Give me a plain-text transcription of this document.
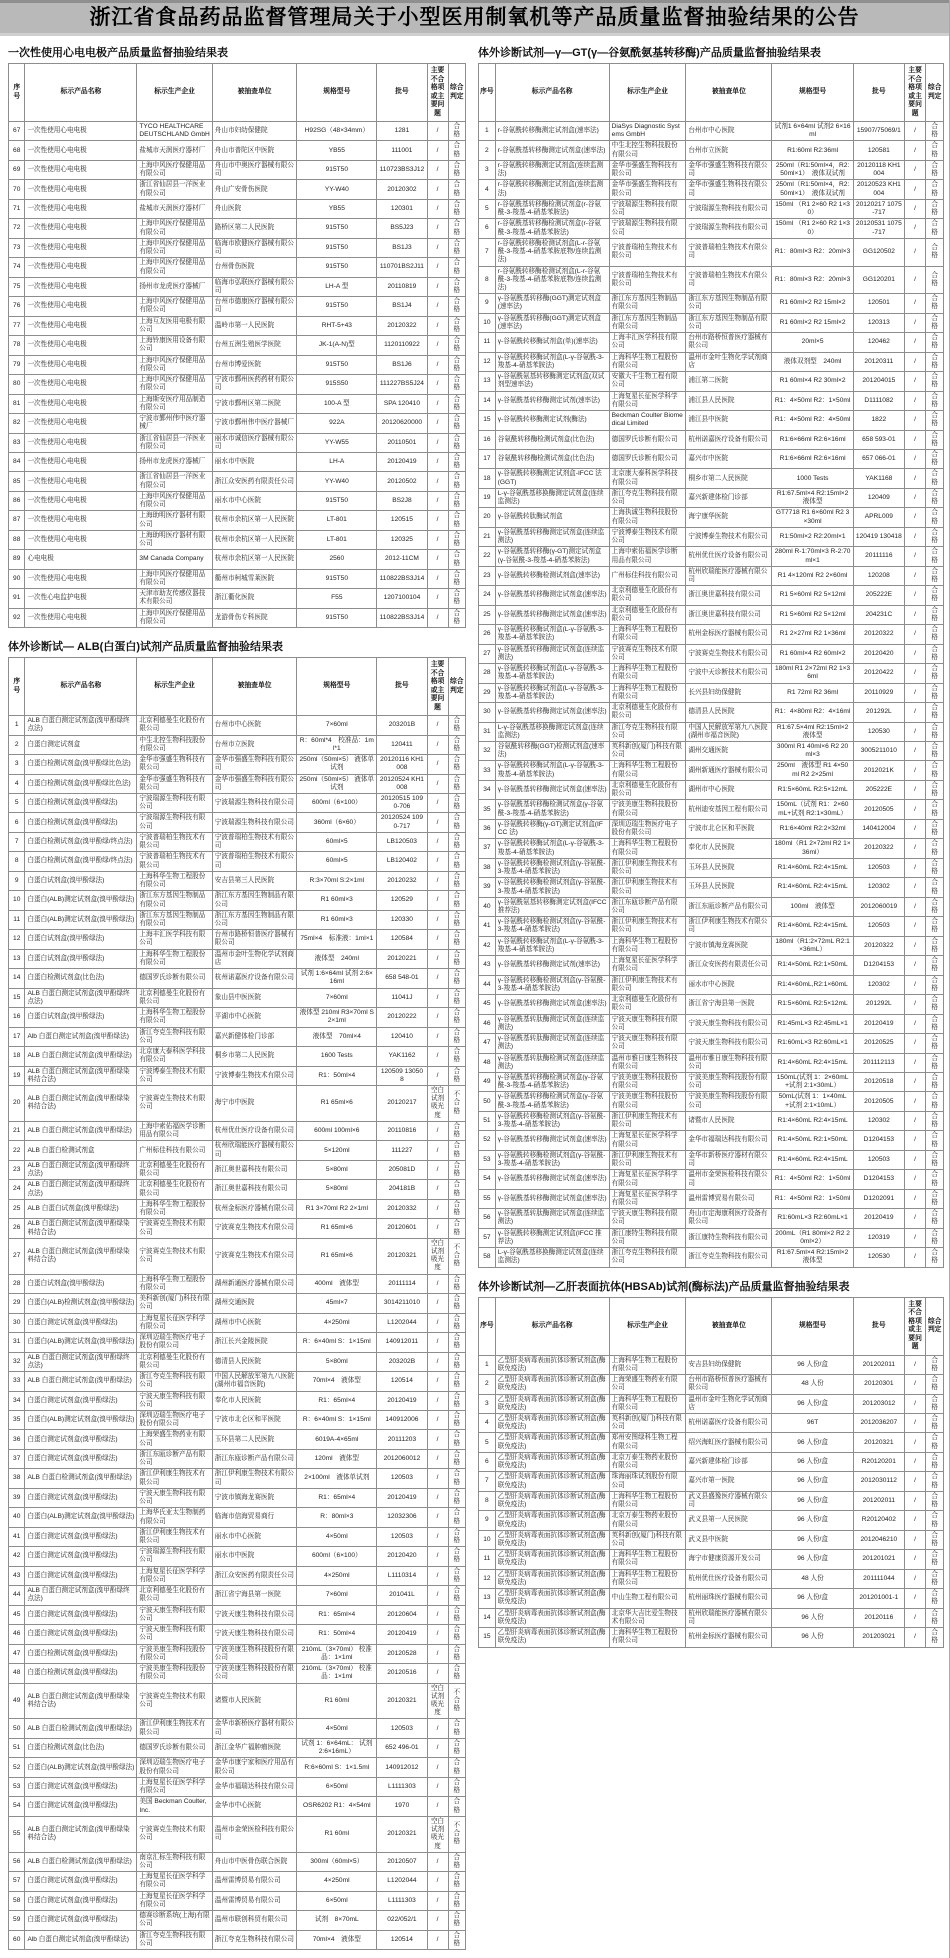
浙江省食品药品监督管理局关于小型医用制氧机等产品质量监督抽验结果的公告
一次性使用心电电极产品质量监督抽验结果表
序号	标示产品名称	标示生产企业	被抽查单位	规格型号	批号	主要不合格项或主要问题	综合判定
67	一次性使用心电电极	TYCO HEALTHCARE DEUTSCHLAND GmbH	舟山市妇幼保健院	H92SG（48×34mm）	1281	/	合格
68	一次性使用心电电极	盐城市天润医疗器材厂	舟山市普陀区中医院	YB55	111001	/	合格
69	一次性使用心电电极	上海申风医疗保健用品有限公司	舟山市中奥医疗器械有限公司	915T50	110723BS3J12	/	合格
70	一次性使用心电电极	浙江省仙居县一洋医业有限公司	舟山广安骨伤医院	YY-W40	20120302	/	合格
71	一次性使用心电电极	盐城市天润医疗器材厂	舟山医院	YB55	120301	/	合格
72	一次性使用心电电极	上海申风医疗保健用品有限公司	路桥区第二人民医院	915T50	BS5J23	/	合格
73	一次性使用心电电极	上海申风医疗保健用品有限公司	临海市欧健医疗器械有限公司	915T50	BS1J3	/	合格
74	一次性使用心电电极	上海申风医疗保健用品有限公司	台州骨伤医院	915T50	110701BS2J11	/	合格
75	一次性使用心电电极	扬州市龙虎医疗器械厂	临海市弘联医疗器械有限公司	LH-A 型	20110819	/	合格
76	一次性使用心电电极	上海申风医疗保健用品有限公司	台州市德康医疗器械有限公司	915T50	BS1J4	/	合格
77	一次性使用心电电极	上海互友医用电极有限公司	温岭市第一人民医院	RHT-5+43	20120322	/	合格
78	一次性使用心电电极	上海铃康医用设备有限公司	台州五洲生殖医学医院	JK-1(A-N)型	1120110922	/	合格
79	一次性使用心电电极	上海申风医疗保健用品有限公司	台州市博爱医院	915T50	BS1J6	/	合格
80	一次性使用心电电极	上海申风医疗保健用品有限公司	宁波市鄞州医药药材有限公司	915S50	111227BS5J24	/	合格
81	一次性使用心电电极	上海斯安医疗用品制造有限公司	宁波市鄞州区第二医院	100-A 型	SPA 120410	/	合格
82	一次性使用心电电极	宁波市鄞州伟中医疗器械厂	宁波市鄞州伟中医疗器械厂	922A	20120620000	/	合格
83	一次性使用心电电极	浙江省仙居县一洋医业有限公司	丽水市诚信医疗器械有限公司	YY-W55	20110501	/	合格
84	一次性使用心电电极	扬州市龙虎医疗器械厂	丽水市中医院	LH-A	20120419	/	合格
85	一次性使用心电电极	浙江省仙居县一洋医业有限公司	浙江众安医药有限责任公司	YY-W40	20120502	/	合格
86	一次性使用心电电极	上海申风医疗保健用品有限公司	丽水市中心医院	915T50	BS2J8	/	合格
87	一次性使用心电电极	上海助明医疗器材有限公司	杭州市余杭区第一人民医院	LT-801	120515	/	合格
88	一次性使用心电电极	上海助明医疗器材有限公司	杭州市余杭区第一人民医院	LT-801	120325	/	合格
89	心电电极	3M Canada Company	杭州市余杭区第一人民医院	2560	2012-11CM	/	合格
90	一次性使用心电电极	上海申风医疗保健用品有限公司	衢州市柯城雪莱医院	915T50	110822BS3J14	/	合格
91	一次性心电监护电极	天津市助友传感仪器技术有限公司	浙江衢化医院	F55	1207100104	/	合格
92	一次性使用心电电极	上海申风医疗保健用品有限公司	龙游骨伤专科医院	915T50	110822BS3J14	/	合格
体外诊断试— ALB(白蛋白)试剂产品质量监督抽验结果表
序号	标示产品名称	标示生产企业	被抽查单位	规格型号	批号	主要不合格项或主要问题	综合判定
1	ALB 白蛋白测定试剂盒(溴甲酚绿终点法)	北京利德曼生化股份有限公司	台州市中心医院	7×60ml	203201B	/	合格
2	白蛋白测定试剂盒	中生北控生物科技股份有限公司	台州市立医院	R：60ml*4　校准品：1ml*1	120411	/	合格
3	白蛋白检测试剂盒(溴甲酚绿比色法)	金华市强盛生物科技有限公司	金华市强盛生物科技有限公司	250ml（50ml×5） 液体单试剂	20120116 KH1008	/	合格
4	白蛋白检测试剂盒(溴甲酚绿比色法)	金华市强盛生物科技有限公司	金华市强盛生物科技有限公司	250ml（50ml×5） 液体单试剂	20120524 KH1008	/	合格
5	白蛋白检测试剂盒(溴甲酚绿法)	宁波瑞源生物科技有限公司	宁波瑞源生物科技有限公司	600ml（6×100）	20120515 1090-706	/	合格
6	白蛋白检测试剂盒(溴甲酚绿法)	宁波瑞源生物科技有限公司	宁波瑞源生物科技有限公司	360ml（6×60）	20120524 1090-717	/	合格
7	白蛋白检测试剂盒(溴甲酚绿/终点法)	宁波普瑞柏生物技术有限公司	宁波普瑞柏生物技术有限公司	60ml×5	LB120503	/	合格
8	白蛋白检测试剂盒(溴甲酚绿/终点法)	宁波普瑞柏生物技术有限公司	宁波普瑞柏生物技术有限公司	60ml×5	LB120402	/	合格
9	白蛋白试剂盒(溴甲酚绿法)	上海科华生物工程股份有限公司	安吉县第三人民医院	R:3×70ml S:2×1ml	20120232	/	合格
10	白蛋白(ALB)测定试剂盒(溴甲酚绿法)	浙江东方基因生物制品有限公司	浙江东方基因生物制品有限公司	R1 60ml×3	120529	/	合格
11	白蛋白(ALB)测定试剂盒(溴甲酚绿法)	浙江东方基因生物制品有限公司	浙江东方基因生物制品有限公司	R1 60ml×3	120330	/	合格
12	白蛋白试剂盒(溴甲酚绿法)	上海丰汇医学科技有限公司	台州市路桥恒普医疗器械有限公司	75ml×4　标准液：1ml×1	120584	/	合格
13	白蛋白试剂盒(溴甲酚绿法)	上海科华生物工程股份有限公司	温州市金叶生物化学试剂商店	液体型　240ml	20120221	/	合格
14	白蛋白检测试剂盒(比色法)	德国罗氏诊断有限公司	杭州诺嘉医疗设备有限公司	试剂 1:6×64ml 试剂 2:6×16ml	658 548-01	/	合格
15	ALB 白蛋白测定试剂盒(溴甲酚绿终点法)	北京利德曼生化股份有限公司	象山县中医医院	7×60ml	11041J	/	合格
16	白蛋白试剂盒(溴甲酚绿法)	上海科华生物工程股份有限公司	平湖市中心医院	液体型 210ml R3×70ml S2×1ml	20120222	/	合格
17	Alb 白蛋白测定试剂盒(溴甲酚绿法)	浙江夸克生物科技有限公司	嘉兴新健体检门诊部	液体型　70ml×4	120410	/	合格
18	ALB 白蛋白测定试剂盒(溴甲酚绿法)	北京康大泰科医学科技有限公司	桐乡市第二人民医院	1600 Tests	YAK1162	/	合格
19	ALB 白蛋白测定试剂盒(溴甲酚绿染料结合法)	宁波博泰生物技术有限公司	宁波博泰生物技术有限公司	R1：50ml×4	120509 130508	/	合格
20	ALB 白蛋白测定试剂盒(溴甲酚绿染料结合法)	宁波赛克生物技术有限公司	海宁市中医院	R1 65ml×6	20120217	空白试剂吸光度	不合格
21	ALB 白蛋白测定试剂盒(溴甲酚绿法)	上海申索佑福医学诊断用品有限公司	杭州优仕医疗设备有限公司	600ml 100ml×6	20110816	/	合格
22	ALB 白蛋白检测试剂盒	广州标佳科技有限公司	杭州欣瑞能医疗器械有限公司	5×120ml	111227	/	合格
23	ALB 白蛋白测定试剂盒(溴甲酚绿终点法)	北京利德曼生化股份有限公司	浙江奥世嘉科技有限公司	5×80ml	205081D	/	合格
24	ALB 白蛋白测定试剂盒(溴甲酚绿终点法)	北京利德曼生化股份有限公司	浙江奥世嘉科技有限公司	5×80ml	204181B	/	合格
25	ALB 白蛋白试剂盒(溴甲酚绿法)	上海科华生物工程股份有限公司	杭州金标医疗器械有限公司	R1 3×70ml R2 2×1ml	20120332	/	合格
26	ALB 白蛋白测定试剂盒(溴甲酚绿染料结合法)	宁波赛克生物技术有限公司	宁波赛克生物技术有限公司	R1 65ml×6	20120601	/	合格
27	ALB 白蛋白测定试剂盒(溴甲酚绿染料结合法)	宁波赛克生物技术有限公司	宁波赛克生物技术有限公司	R1 65ml×6	20120321	空白试剂吸光度	不合格
28	白蛋白试剂盒(溴甲酚绿法)	上海科华生物工程股份有限公司	湖州新通医疗器械有限公司	400ml　液体型	20111114	/	合格
29	白蛋白(ALB)检测试剂盒(溴甲酚绿法)	美科新创(厦门)科技有限公司	湖州交通医院	45ml×7	3014211010	/	合格
30	白蛋白测定试剂盒(溴甲酚绿法)	上海复星长征医学科学有限公司	湖州市中心医院	4×250ml	L1202044	/	合格
31	白蛋白(ALB)测定试剂盒(溴甲酚绿法)	深圳迈瑞生物医疗电子股份有限公司	浙江长兴金陵医院	R：6×40ml S：1×15ml	140912011	/	合格
32	ALB 白蛋白测定试剂盒(溴甲酚绿终点法)	北京利德曼生化股份有限公司	德清县人民医院	5×80ml	203202B	/	合格
33	ALB 白蛋白测定试剂盒(溴甲酚绿法)	浙江夸克生物科技有限公司	中国人民解放军第九八医院(湖州市福音医院)	70ml×4　液体型	120514	/	合格
34	白蛋白测定试剂盒(溴甲酚绿法)	宁波天康生物科技有限公司	奉化市人民医院	R1：65ml×4	20120419	/	合格
35	白蛋白(ALB)测定试剂盒(溴甲酚绿法)	深圳迈瑞生物医疗电子股份有限公司	宁波市北仑区和平医院	R：6×40ml S：1×15ml	140912006	/	合格
36	白蛋白测定试剂盒(溴甲酚绿法)	上海荣盛生物药业有限公司	玉环县第二人民医院	6019A-4×65ml	20111203	/	合格
37	白蛋白测定试剂盒(溴甲酚绿法)	浙江东瓯诊断产品有限公司	浙江东瓯诊断产品有限公司	120ml　液体型	2012060012	/	合格
38	ALB 白蛋白检测试剂盒(溴甲酚绿法)	浙江伊利康生物技术有限公司	浙江伊利康生物技术有限公司	2×100ml　液体单试剂	120503	/	合格
39	白蛋白测定试剂盒(溴甲酚绿法)	宁波天康生物科技有限公司	宁波市镇海龙赛医院	R1：65ml×4	20120419	/	合格
40	白蛋白(ALB)测定试剂盒(溴甲酚绿法)	上海华氏亚太生物制药有限公司	临海市信海贸易商行	R：80ml×3	12032306	/	合格
41	白蛋白测定试剂盒(溴甲酚绿法)	浙江伊利康生物技术有限公司	丽水市中心医院	4×50ml	120503	/	合格
42	白蛋白测定试剂盒(溴甲酚绿法)	宁波瑞源生物科技有限公司	丽水市中医院	600ml（6×100）	20120420	/	合格
43	白蛋白测定试剂盒(溴甲酚绿法)	上海复星长征医学科学有限公司	浙江众安医药有限责任公司	4×250ml	L1110314	/	合格
44	ALB 白蛋白测定试剂盒(溴甲酚绿终点法)	北京利德曼生化股份有限公司	浙江省宁海县第一医院	7×60ml	201041L	/	合格
45	白蛋白测定试剂盒(溴甲酚绿法)	宁波天康生物科技有限公司	宁波天康生物科技有限公司	R1：65ml×4	20120604	/	合格
46	白蛋白测定试剂盒(溴甲酚绿法)	宁波天康生物科技有限公司	宁波天康生物科技有限公司	R1：50ml×4	20120419	/	合格
47	白蛋白检测试剂盒(溴甲酚绿法)	宁波美康生物科技股份有限公司	宁波美康生物科技股份有限公司	210mL（3×70ml） 校准品：1×1ml	20120528	/	合格
48	白蛋白检测试剂盒(溴甲酚绿法)	宁波美康生物科技股份有限公司	宁波美康生物科技股份有限公司	210mL（3×70ml） 校准品：1×1ml	20120516	/	合格
49	ALB 白蛋白测定试剂盒(溴甲酚绿染料结合法)	宁波赛克生物技术有限公司	诸暨市人民医院	R1 60ml	20120321	空白试剂吸光度	不合格
50	ALB 白蛋白检测试剂盒(溴甲酚绿法)	浙江伊利康生物技术有限公司	金华市新桥医疗器材有限公司	4×50ml	120503	/	合格
51	白蛋白检测试剂盒(比色法)	德国罗氏诊断有限公司	浙江金华广福肿瘤医院	试剂 1：6×64mL： 试剂 2:6×16mL）	652 496-01	/	合格
52	白蛋白(ALB)测定试剂盒(溴甲酚绿法)	深圳迈瑞生物医疗电子股份有限公司	金华市康宁家和医疗用品有限公司	R:6×60ml S：1×1.5ml	140912012	/	合格
53	白蛋白测定试剂盒(溴甲酚绿法)	上海复星长征医学科学有限公司	金华市福瑞达科技有限公司	6×50ml	L1111303	/	合格
54	白蛋白测定试剂盒(溴甲酚绿法)	美国 Beckman Coulter, Inc.	金华市中心医院	OSR6202 R1：4×54ml	1970	/	合格
55	ALB 白蛋白测定试剂盒(溴甲酚绿染料结合法)	宁波赛克生物技术有限公司	温州市金荣医检科技有限公司	R1 60ml	20120321	空白试剂吸光度	不合格
56	ALB 白蛋白检测试剂盒(溴甲酚绿法)	南京汇标生物科技有限公司	舟山市中医骨伤联合医院	300ml（60ml×5）	20120507	/	合格
57	白蛋白测定试剂盒(溴甲酚绿法)	上海复星长征医学科学有限公司	温州雷博贸易有限公司	4×250ml	L1202044	/	合格
58	白蛋白测定试剂盒(溴甲酚绿法)	上海复星长征医学科学有限公司	温州雷博贸易有限公司	6×50ml	L1111303	/	合格
59	白蛋白测定试剂盒(溴甲酚绿法)	德赛诊断系统(上海)有限公司	温州市联创科贸有限公司	试剂　8×70mL	022/052/1	/	合格
60	Alb 白蛋白测定试剂盒(溴甲酚绿法)	浙江夸克生物科技有限公司	浙江夸克生物科技有限公司	70ml×4　液体型	120514	/	合格
体外诊断试剂—γ—GT(γ—谷氨酰氨基转移酶)产品质量监督抽验结果表
序号	标示产品名称	标示生产企业	被抽查单位	规格型号	批号	主要不合格项或主要问题	综合判定
1	r-谷氨酰转移酶测定试剂盒(速率法)	DiaSys Diagnostic Systems GmbH	台州市中心医院	试剂1 6×64ml 试剂2 6×16ml	15907/75069/1	/	合格
2	r-谷氨酰基转移酶测定试剂盒(速率法)	中生北控生物科技股份有限公司	台州市立医院	R1:60ml R2:36ml	120581	/	合格
3	r-谷氨酰转移酶测定试剂盒(连续监测法)	金华市强盛生物科技有限公司	金华市强盛生物科技有限公司	250ml（R1:50ml×4，R2:50ml×1）　液体双试剂	20120118 KH1004	/	合格
4	r-谷氨酰转移酶测定试剂盒(连续监测法)	金华市强盛生物科技有限公司	金华市强盛生物科技有限公司	250ml（R1:50ml×4，R2:50ml×1）　液体双试剂	20120523 KH1004	/	合格
5	r-谷氨酰基转移酶检测试剂盒(r-谷氨酰-3-羧基-4-硝基苯胺法)	宁波瑞源生物科技有限公司	宁波瑞源生物科技有限公司	150ml （R1 2×60 R2 1×30）	20120217 1075-717	/	合格
6	r-谷氨酰基转移酶检测试剂盒(r-谷氨酰-3-羧基-4-硝基苯胺法)	宁波瑞源生物科技有限公司	宁波瑞源生物科技有限公司	150ml （R1 2×60 R2 1×30）	20120531 1075-717	/	合格
7	r-谷氨酰转移酶检测试剂盒(L-r-谷氨酰-3-羧基-4-硝基苯胺底物/连续监测法)	宁波普瑞柏生物技术有限公司	宁波普瑞柏生物技术有限公司	R1：80ml×3 R2：20ml×3	GG120502	/	合格
8	r-谷氨酰转移酶检测试剂盒(L-r-谷氨酰-3-羧基-4-硝基苯胺底物/连续监测法)	宁波普瑞柏生物技术有限公司	宁波普瑞柏生物技术有限公司	R1：80ml×3 R2：20ml×3	GG120201	/	合格
9	γ-谷氨酰基转移酶(GGT)测定试剂盒(速率法)	浙江东方基因生物制品有限公司	浙江东方基因生物制品有限公司	R1 60ml×2 R2 15ml×2	120501	/	合格
10	γ-谷氨酰基转移酶(GGT)测定试剂盒(速率法)	浙江东方基因生物制品有限公司	浙江东方基因生物制品有限公司	R1 60ml×2 R2 15ml×2	120313	/	合格
11	γ-谷氨酰转移酶试剂盒(单)(速率法)	上海丰汇医学科技有限公司	台州市路桥恒普医疗器械有限公司	20ml×5	120462	/	合格
12	γ-谷氨酰转移酶试剂盒(L-γ-谷氨酰-3-羧基-4-硝基苯胺法)	上海科华生物工程股份有限公司	温州市金叶生物化学试剂商店	液体双剂型　240ml	20120311	/	合格
13	γ-谷氨酰氨基转移酶测定试剂盒(双试剂型速率法)	安徽大千生物工程有限公司	浦江第二医院	R1 60ml×4 R2 30ml×2	201204015	/	合格
14	γ-谷氨酰基转移酶测定试剂(速率法)	上海复星长征医学科学有限公司	浦江县人民医院	R1：4×50ml R2：1×50ml	D1111082	/	合格
15	γ-谷氨酰转移酶测定试剂(酶法)	Beckman Coulter Biomedical Limited	浦江县中医院	R1：4×50ml R2：4×50ml	1822	/	合格
16	谷氨酰转移酶检测试剂盒(比色法)	德国罗氏诊断有限公司	杭州诺嘉医疗设备有限公司	R1:6×66ml R2:6×16ml	658 593-01	/	合格
17	谷氨酰转移酶检测试剂盒(比色法)	德国罗氏诊断有限公司	嘉兴市中医院	R1:6×66ml R2:6×16ml	657 066-01	/	合格
18	γ-谷氨酰转移酶测定试剂盒-IFCC 法(GGT)	北京康大泰科医学科技有限公司	桐乡市第二人民医院	1000 Tests	YAK1168	/	合格
19	L-γ-谷氨酰基移换酶测定试剂盒(连续监测法)	浙江夸克生物科技有限公司	嘉兴新建体检门诊部	R1:67.5ml×4 R2:15ml×2 液体型	120409	/	合格
20	γ-谷氨酰转肽酶试剂盒	上海执诚生物科技股份有限公司	海宁康华医院	GT7718 R1 6×60ml R2 3×30ml	APRL009	/	合格
21	γ-谷氨酰基转移酶测定试剂盒(连续监测法)	宁波博泰生物技术有限公司	宁波博泰生物技术有限公司	R1:50ml×2 R2:20ml×1	120419 130418	/	合格
22	γ-谷氨酰基转移酶(γ-GT)测定试剂盒(γ-谷氨酰-3-羧基-4-硝基苯胺法)	上海申索佑福医学诊断用品有限公司	杭州优仕医疗设备有限公司	280ml R-1:70ml×3 R-2:70ml×1	20111116	/	合格
23	γ-谷氨酰转移酶检测试剂盒(速率法)	广州标佳科技有限公司	杭州欣瑞能医疗器械有限公司	R1 4×120ml R2 2×60ml	120208	/	合格
24	γ-谷氨酰基转移酶测定试剂盒(速率法)	北京利德曼生化股份有限公司	浙江奥世嘉科技有限公司	R1 5×60ml R2 5×12ml	205222E	/	合格
25	γ-谷氨酰基转移酶测定试剂盒(速率法)	北京利德曼生化股份有限公司	浙江奥世嘉科技有限公司	R1 5×60ml R2 5×12ml	204231C	/	合格
26	γ-谷氨酰转移酶试剂盒(L-γ-谷氨酰-3-羧基-4-硝基苯胺法)	上海科华生物工程股份有限公司	杭州金标医疗器械有限公司	R1 2×27ml R2 1×36ml	20120322	/	合格
27	γ-谷氨酰基转移酶测定试剂盒(连续监测法)	宁波赛克生物技术有限公司	宁波赛克生物技术有限公司	R1 60ml×4 R2 60ml×2	20120420	/	合格
28	γ-谷氨酰转移酶试剂盒(L-γ-谷氨酰-3-羧基-4-硝基苯胺法)	上海科华生物工程股份有限公司	宁波中天诊断技术有限公司	180ml R1 2×72ml R2 1×36ml	20120422	/	合格
29	γ-谷氨酰转移酶试剂盒(L-γ-谷氨酰-3-羧基-4-硝基苯胺法)	上海科华生物工程股份有限公司	长兴县妇幼保健院	R1 72ml R2 36ml	20110929	/	合格
30	γ-谷氨酰基转移酶测定试剂盒(速率法)	北京利德曼生化股份有限公司	德清县人民医院	R1：4×80ml R2：4×16ml	201292L	/	合格
31	L-γ-谷氨酰基移换酶测定试剂盒(连续监测法)	浙江夸克生物科技有限公司	中国人民解放军第九八医院(湖州市福音医院)	R1:67.5×4ml R2:15ml×2 液体型	120530	/	合格
32	谷氨酰转移酶(GGT)检测试剂盒(速率法)	英科新创(厦门)科技有限公司	湖州交通医院	300ml R1 40ml×6 R2 20ml×3	3005211010	/	合格
33	γ-谷氨酰转移酶试剂盒(L-γ-谷氨酰-3-羧基-4-硝基苯胺法)	上海科华生物工程股份有限公司	湖州新通医疗器械有限公司	250ml　液体型 R1 4×50ml R2 2×25ml	2012021K	/	合格
34	γ-谷氨酰基转移酶测定试剂盒(速率法)	北京利德曼生化股份有限公司	湖州市中心医院	R1:5×60mL R2:5×12mL	205222E	/	合格
35	γ-谷氨酰基转移酶检测试剂盒(γ-谷氨酰-3-羧基-4-硝基苯胺法)	宁波美康生物科技股份有限公司	杭州迪安基因工程有限公司	150mL（试剂 R1：2×60mL+试剂 R2:1×30mL）	20120505	/	合格
36	γ-谷氨酰转移酶(γ-GT)测定试剂盒(IFCC 法)	深圳迈瑞生物医疗电子股份有限公司	宁波市北仑区和平医院	R1:6×40ml R2:2×32ml	140412004	/	合格
37	γ-谷氨酰转移酶试剂盒(L-γ-谷氨酰-3-羧基-4-硝基苯胺法)	上海科华生物工程股份有限公司	奉化市人民医院	180ml（R1 2×72ml R2 1×36ml）	20120322	/	合格
38	γ-谷氨酰转移酶检测试剂盒(γ-谷氨酰-3-羧基-4-硝基苯胺法)	浙江伊利康生物技术有限公司	玉环县人民医院	R1:4×60mL R2:4×15mL	120503	/	合格
39	γ-谷氨酰转移酶检测试剂盒(γ-谷氨酰-3-羧基-4-硝基苯胺法)	浙江伊利康生物技术有限公司	玉环县人民医院	R1:4×60mL R2:4×15mL	120302	/	合格
40	γ-谷氨酰氨基转移酶测定试剂盒(IFCC 推荐法)	浙江东瓯诊断产品有限公司	浙江东瓯诊断产品有限公司	100ml　液体型	2012060019	/	合格
41	γ-谷氨酰转移酶检测试剂盒(γ-谷氨酰-3-羧基-4-硝基苯胺法)	浙江伊利康生物技术有限公司	浙江伊利康生物技术有限公司	R1:4×60mL R2:4×15mL	120503	/	合格
42	γ-谷氨酰转移酶试剂盒(L-γ-谷氨酰-3-羧基-4-硝基苯胺法)	上海科华生物工程股份有限公司	宁波市镇海龙赛医院	180ml（R1:2×72mL R2:1×36mL）	20120322	/	合格
43	γ-谷氨酰基转移酶测定试剂(速率法)	上海复星长征医学科学有限公司	浙江众安医药有限责任公司	R1:4×50mL R2:1×50mL	D1204153	/	合格
44	γ-谷氨酰转移酶检测试剂盒(γ-谷氨酰-3-羧基-4-硝基苯胺法)	浙江伊利康生物技术有限公司	丽水市中心医院	R1:4×60mL,R2:1×60mL	120302	/	合格
45	γ-谷氨酰基转移酶测定试剂盒(速率法)	北京利德曼生化股份有限公司	浙江省宁海县第一医院	R1:5×60mL R2:5×12mL	201292L	/	合格
46	γ-谷氨酰基转肽酶测定试剂盒(连续监测法)	宁波天康生物科技有限公司	宁波天康生物科技有限公司	R1:45mL×3 R2:45mL×1	20120419	/	合格
47	γ-谷氨酰基转肽酶测定试剂盒(连续监测法)	宁波天康生物科技有限公司	宁波天康生物科技有限公司	R1:60mL×3 R2:60mL×1	20120525	/	合格
48	γ-谷氨酰基转肽酶检测试剂盒(连续监测法)	温州市雅日康生物科技有限公司	温州市雅日康生物科技有限公司	R1:4×60mL R2:4×15mL	201112113	/	合格
49	γ-谷氨酰基转移酶检测试剂盒(γ-谷氨酰-3-羧基-4-硝基苯胺法)	宁波美康生物科技股份有限公司	宁波美康生物科技股份有限公司	150mL(试剂 1：2×60mL+试剂 2:1×30mL）	20120518	/	合格
50	γ-谷氨酰基转移酶检测试剂盒(γ-谷氨酰-3-羧基-4-硝基苯胺法)	宁波美康生物科技股份有限公司	宁波美康生物科技股份有限公司	50mL(试剂 1：1×40mL+试剂 2:1×10mL）	20120505	/	合格
51	γ-谷氨酰转移酶检测试剂盒(γ-谷氨酰-3-羧基-4-硝基苯胺法)	浙江伊利康生物技术有限公司	诸暨市人民医院	R1:4×60mL R2:4×15mL	120302	/	合格
52	γ-谷氨酰基转移酶测定试剂盒(速率法)	上海复星长征医学科学有限公司	金华市福瑞达科技有限公司	R1:4×50mL R2:1×50mL	D1204153	/	合格
53	γ-谷氨酰转移酶检测试剂盒(γ-谷氨酰-3-羧基-4-硝基苯胺法)	浙江伊利康生物技术有限公司	金华市新桥医疗器材有限公司	R1:4×60mL R2:4×15mL	120503	/	合格
54	γ-谷氨酰基转移酶测定试剂盒(速率法)	上海复星长征医学科学有限公司	温州市金荣医检科技有限公司	R1：4×50ml R2：1×50ml	D1204153	/	合格
55	γ-谷氨酰基转移酶测定试剂盒(速率法)	上海复星长征医学科学有限公司	温州雷博贸易有限公司	R1：4×50ml R2：1×50ml	D1202091	/	合格
56	γ-谷氨酰基转肽酶测定试剂盒(连续监测法)	宁波天康生物科技有限公司	舟山市定海康利医疗设备有限公司	R1:60mL×3 R2:60mL×1	20120419	/	合格
57	γ-谷氨酰转移酶测定试剂盒(IFCC 推荐法)	浙江康特生物科技有限公司	浙江康特生物科技有限公司	200mL（R1 80ml×2 R2 20ml×2）	120319	/	合格
58	L-γ-谷氨酰基移换酶测定试剂盒(连续监测法)	浙江夸克生物科技有限公司	浙江夸克生物科技有限公司	R1:67.5ml×4 R2:15ml×2 液体型	120530	/	合格
体外诊断试剂—乙肝表面抗体(HBSAb)试剂(酶标法)产品质量监督抽验结果表
序号	标示产品名称	标示生产企业	被抽查单位	规格型号	批号	主要不合格项或主要问题	综合判定
1	乙型肝炎病毒表面抗体诊断试剂盒(酶联免疫法)	上海科华生物工程股份有限公司	安吉县妇幼保健院	96 人份/盒	201202011	/	合格
2	乙型肝炎病毒表面抗体诊断试剂盒(酶联免疫法)	上海荣盛生物药业有限公司	台州市路桥恒普医疗器械有限公司	48 人份	20120301	/	合格
3	乙型肝炎病毒表面抗体诊断试剂盒(酶联免疫法)	上海科华生物工程股份有限公司	温州市金叶生物化学试剂商店	96 人份/盒	201203012	/	合格
4	乙型肝炎病毒表面抗体诊断试剂盒(酶联免疫法)	英科新创(厦门)科技有限公司	杭州诺嘉医疗设备有限公司	96T	2012036207	/	合格
5	乙型肝炎病毒表面抗体诊断试剂盒(酶联免疫法)	郑州安图绿科生物工程有限公司	绍兴海虹医疗器械有限公司	96 人份/盒	20120321	/	合格
6	乙型肝炎病毒表面抗体诊断试剂盒(酶联免疫法)	北京万泰生物药业股份有限公司	嘉兴新建体检门诊部	96 人份/盒	R20120201	/	合格
7	乙型肝炎病毒表面抗体诊断试剂盒(酶联免疫法)	珠海丽珠试剂股份有限公司	嘉兴市第一医院	96 人份/盒	2012030112	/	合格
8	乙型肝炎病毒表面抗体诊断试剂盒(酶联免疫法)	上海科华生物工程股份有限公司	武义县盛豫医疗器械有限公司	96 人份/盒	201202011	/	合格
9	乙型肝炎病毒表面抗体诊断试剂盒(酶联免疫法)	北京万泰生物药业股份有限公司	武义县第一人民医院	96 人份/盒	R20120402	/	合格
10	乙型肝炎病毒表面抗体诊断试剂盒(酶联免疫法)	英科新创(厦门)科技有限公司	武义县中医院	96 人份/盒	2012046210	/	合格
11	乙型肝炎病毒表面抗体诊断试剂盒(酶联免疫法)	上海科华生物工程股份有限公司	海宁市健康资源开发公司	96 人份/盒	201201021	/	合格
12	乙型肝炎病毒表面抗体诊断试剂盒(酶联免疫法)	上海科华生物工程股份有限公司	杭州优仕医疗设备有限公司	48 人份	201111044	/	合格
13	乙型肝炎病毒表面抗体诊断试剂盒(酶联免疫法)	中山生物工程有限公司	杭州丽珠医疗器械有限公司	96 人份/盒	201201001-1	/	合格
14	乙型肝炎病毒表面抗体诊断试剂盒(酶联免疫法)	北京华大吉比爱生物技术有限公司	杭州欣瑞能医疗器械有限公司	96 人份	20120116	/	合格
15	乙型肝炎病毒表面抗体诊断试剂盒(酶联免疫法)	上海科华生物工程股份有限公司	杭州金标医疗器械有限公司	96 人份	201203021	/	合格
